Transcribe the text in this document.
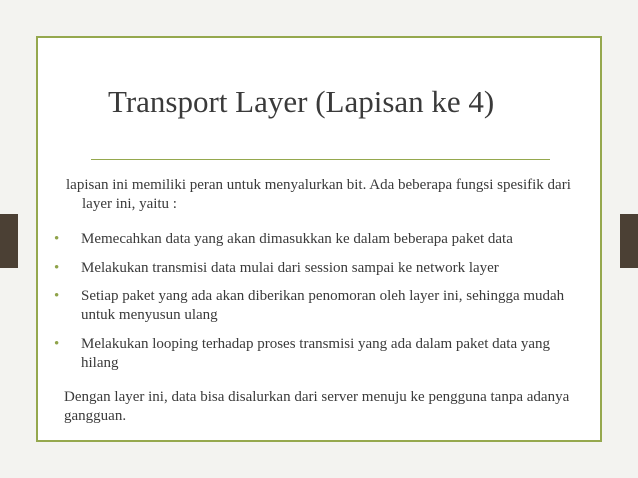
Transport Layer (Lapisan ke 4)
lapisan ini memiliki peran untuk menyalurkan bit. Ada beberapa fungsi spesifik dari layer ini, yaitu :
•	Memecahkan data yang akan dimasukkan ke dalam beberapa paket data
•	Melakukan transmisi data mulai dari session sampai ke network layer
•	Setiap paket yang ada akan diberikan penomoran oleh layer ini, sehingga mudah untuk menyusun ulang
•	Melakukan looping terhadap proses transmisi yang ada dalam paket data yang hilang
Dengan layer ini, data bisa disalurkan dari server menuju ke pengguna tanpa adanya gangguan.
